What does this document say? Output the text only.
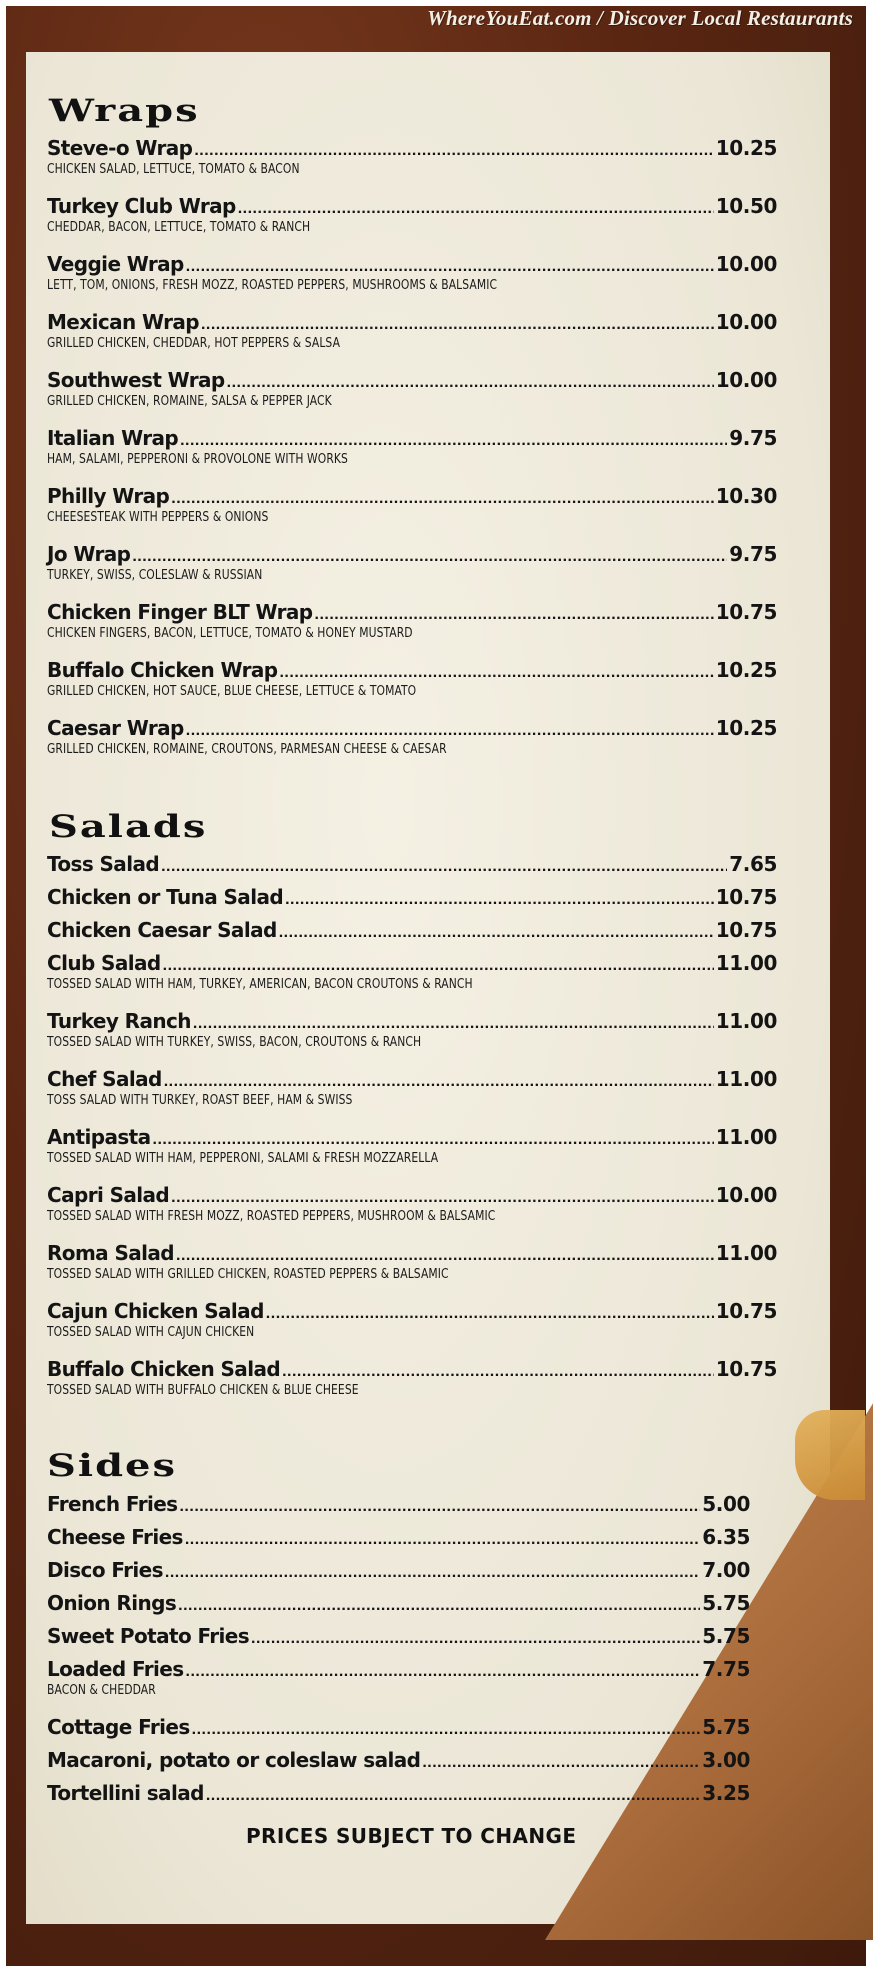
WhereYouEat.com / Discover Local Restaurants
Wraps
Salads
Sides
Steve-o Wrap .....	10.25
CHICKEN SALAD, LETTUCE, TOMATO & BACON
Turkey Club Wrap .....	10.50
CHEDDAR, BACON, LETTUCE, TOMATO & RANCH
Veggie Wrap .....	10.00
LETT, TOM, ONIONS, FRESH MOZZ, ROASTED PEPPERS, MUSHROOMS & BALSAMIC
Mexican Wrap .....	10.00
GRILLED CHICKEN, CHEDDAR, HOT PEPPERS & SALSA
Southwest Wrap .....	10.00
GRILLED CHICKEN, ROMAINE, SALSA & PEPPER JACK
Italian Wrap .....	9.75
HAM, SALAMI, PEPPERONI & PROVOLONE WITH WORKS
Philly Wrap .....	10.30
CHEESESTEAK WITH PEPPERS & ONIONS
Jo Wrap .....	9.75
TURKEY, SWISS, COLESLAW & RUSSIAN
Chicken Finger BLT Wrap .....	10.75
CHICKEN FINGERS, BACON, LETTUCE, TOMATO & HONEY MUSTARD
Buffalo Chicken Wrap .....	10.25
GRILLED CHICKEN, HOT SAUCE, BLUE CHEESE, LETTUCE & TOMATO
Caesar Wrap .....	10.25
GRILLED CHICKEN, ROMAINE, CROUTONS, PARMESAN CHEESE & CAESAR
Toss Salad .....	7.65
Chicken or Tuna Salad .....	10.75
Chicken Caesar Salad .....	10.75
Club Salad .....	11.00
TOSSED SALAD WITH HAM, TURKEY, AMERICAN, BACON CROUTONS & RANCH
Turkey Ranch .....	11.00
TOSSED SALAD WITH TURKEY, SWISS, BACON, CROUTONS & RANCH
Chef Salad .....	11.00
TOSS SALAD WITH TURKEY, ROAST BEEF, HAM & SWISS
Antipasta .....	11.00
TOSSED SALAD WITH HAM, PEPPERONI, SALAMI & FRESH MOZZARELLA
Capri Salad .....	10.00
TOSSED SALAD WITH FRESH MOZZ, ROASTED PEPPERS, MUSHROOM & BALSAMIC
Roma Salad .....	11.00
TOSSED SALAD WITH GRILLED CHICKEN, ROASTED PEPPERS & BALSAMIC
Cajun Chicken Salad .....	10.75
TOSSED SALAD WITH CAJUN CHICKEN
Buffalo Chicken Salad .....	10.75
TOSSED SALAD WITH BUFFALO CHICKEN & BLUE CHEESE
French Fries .....	5.00
Cheese Fries .....	6.35
Disco Fries .....	7.00
Onion Rings .....	5.75
Sweet Potato Fries .....	5.75
Loaded Fries .....	7.75
BACON & CHEDDAR
Cottage Fries .....	5.75
Macaroni, potato or coleslaw salad .....	3.00
Tortellini salad .....	3.25
PRICES SUBJECT TO CHANGE
